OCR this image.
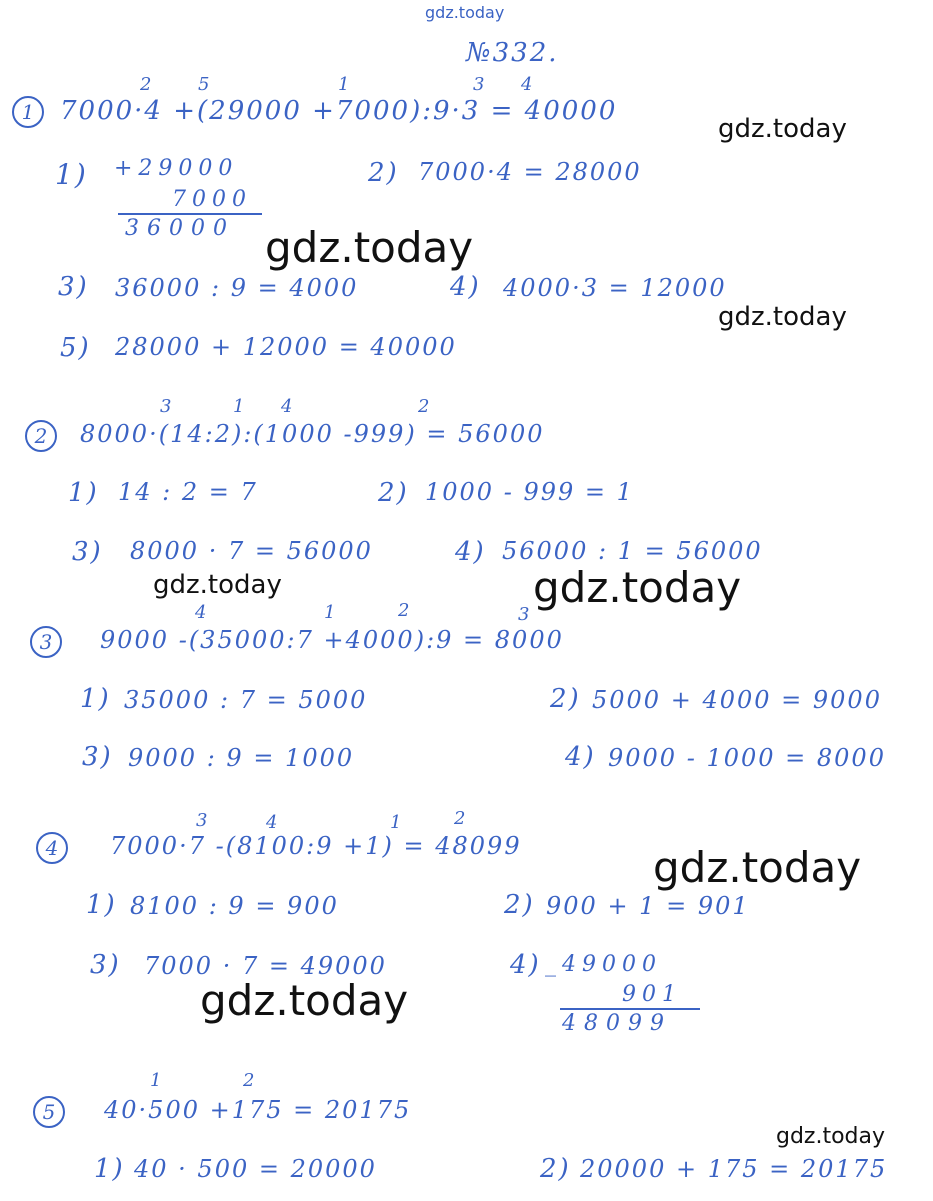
gdz.today
gdz.today
gdz.today
gdz.today
gdz.today	gdz.today
gdz.today
gdz.today
gdz.today
№332.
1
2	5	1	3 4
7000·4 +(29000 +7000):9·3 = 40000
1) +29000
7000
36000
2) 7000·4 = 28000
3) 36000 : 9 = 4000	4) 4000·3 = 12000
5) 28000 + 12000 = 40000
2
3	1 4	2
8000·(14:2):(1000 -999) = 56000
1) 14 : 2 = 7	2) 1000 - 999 = 1
3) 8000 · 7 = 56000	4) 56000 : 1 = 56000
3
4	1	2	3
9000 -(35000:7 +4000):9 = 8000
1) 35000 : 7 = 5000	2) 5000 + 4000 = 9000
3) 9000 : 9 = 1000	4) 9000 - 1000 = 8000
4
3	4	1	2
7000·7 -(8100:9 +1) = 48099
1) 8100 : 9 = 900	2) 900 + 1 = 901
3) 7000 · 7 = 49000	4) _49000
901
48099
5
1	2
40·500 +175 = 20175
1) 40 · 500 = 20000	2) 20000 + 175 = 20175
